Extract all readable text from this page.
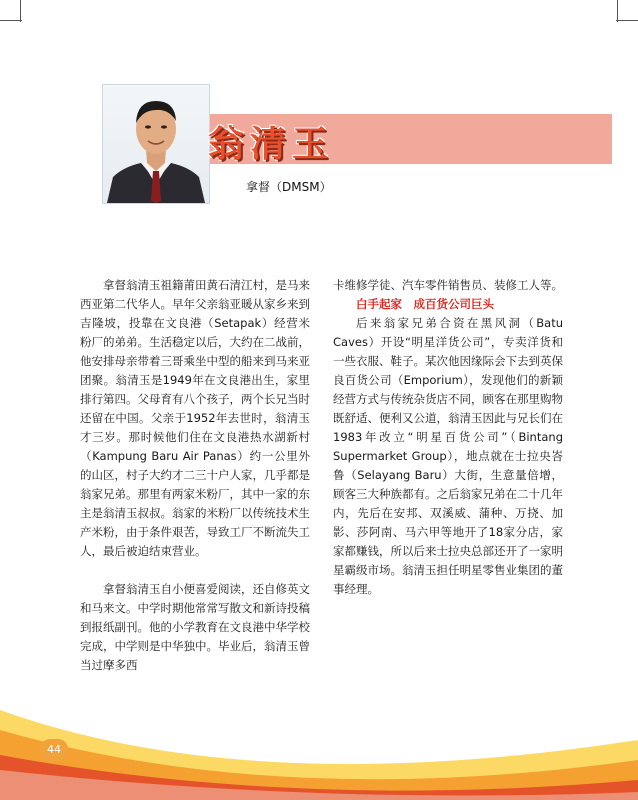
翁清玉
拿督（DMSM）

拿督翁清玉祖籍莆田黄石清江村，是马来西亚第二代华人。早年父亲翁亚暖从家乡来到吉隆坡，投靠在文良港（Setapak）经营米粉厂的弟弟。生活稳定以后，大约在二战前，他安排母亲带着三哥乘坐中型的船来到马来亚团聚。翁清玉是1949年在文良港出生，家里排行第四。父母育有八个孩子，两个长兄当时还留在中国。父亲于1952年去世时，翁清玉才三岁。那时候他们住在文良港热水湖新村（Kampung Baru Air Panas）约一公里外的山区，村子大约才二三十户人家，几乎都是翁家兄弟。那里有两家米粉厂，其中一家的东主是翁清玉叔叔。翁家的米粉厂以传统技术生产米粉，由于条件艰苦，导致工厂不断流失工人，最后被迫结束营业。

拿督翁清玉自小便喜爱阅读，还自修英文和马来文。中学时期他常常写散文和新诗投稿到报纸副刊。他的小学教育在文良港中华学校完成，中学则是中华独中。毕业后，翁清玉曾当过摩多西

卡维修学徒、汽车零件销售员、装修工人等。

白手起家　成百货公司巨头

后来翁家兄弟合资在黑风洞（Batu Caves）开设“明星洋货公司”，专卖洋货和一些衣服、鞋子。某次他因缘际会下去到英保良百货公司（Emporium），发现他们的新颖经营方式与传统杂货店不同，顾客在那里购物既舒适、便利又公道，翁清玉因此与兄长们在1983年改立“明星百货公司”（Bintang Supermarket Group），地点就在士拉央峇鲁（Selayang Baru）大街，生意量倍增，顾客三大种族都有。之后翁家兄弟在二十几年内，先后在安邦、双溪威、蒲种、万挠、加影、莎阿南、马六甲等地开了18家分店，家家都赚钱，所以后来士拉央总部还开了一家明星霸级市场。翁清玉担任明星零售业集团的董事经理。

44
